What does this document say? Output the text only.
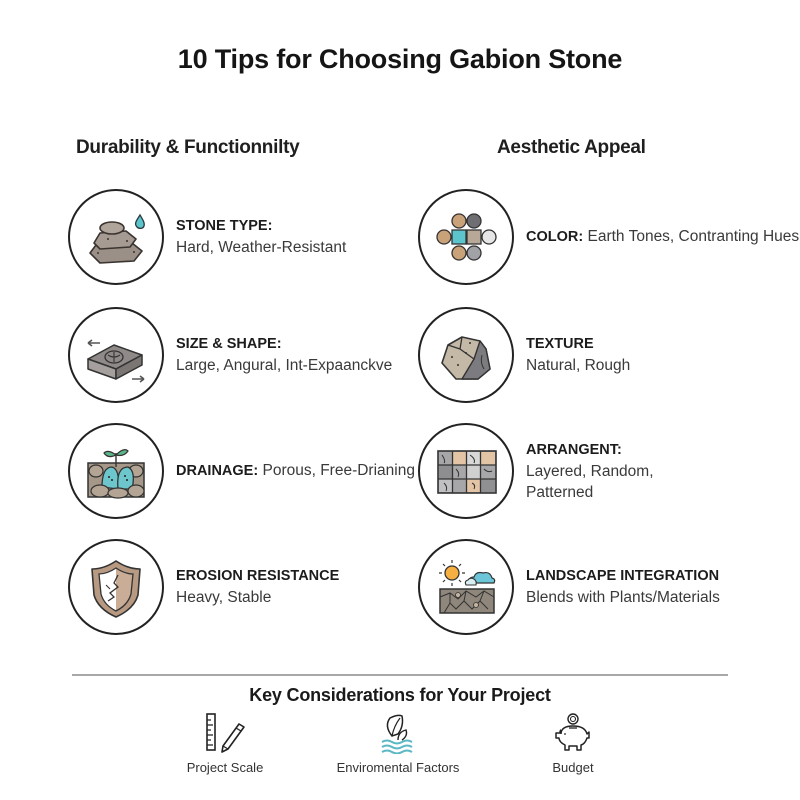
10 Tips for Choosing Gabion Stone
Durability & Functionnilty	Aesthetic Appeal
STONE TYPE:
Hard, Weather-Resistant
SIZE & SHAPE:
Large, Angural, Int-Expaanckve
DRAINAGE: Porous, Free-Drianing
EROSION RESISTANCE
Heavy, Stable
COLOR: Earth Tones, Contranting Hues
TEXTURE
Natural, Rough
ARRANGENT:
Layered, Random, Patterned
LANDSCAPE INTEGRATION
Blends with Plants/Materials
Key Considerations for Your Project
Project Scale	Enviromental Factors	Budget
